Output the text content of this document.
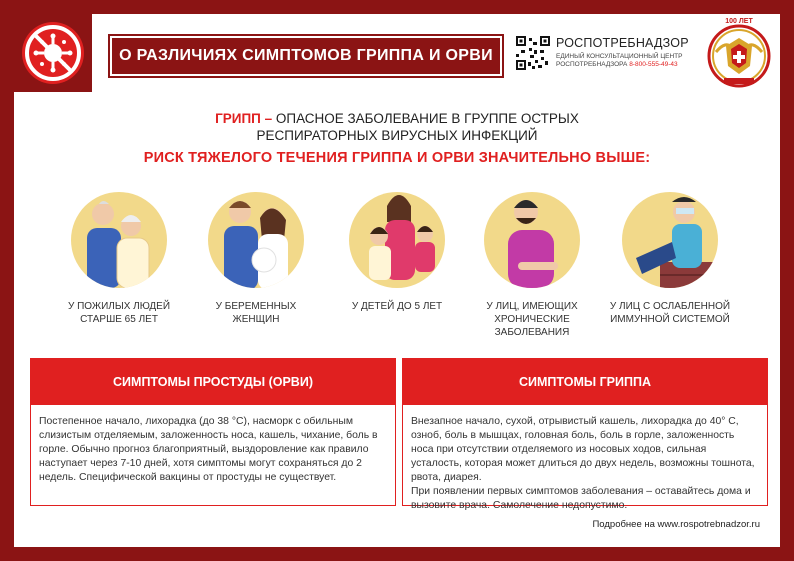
О РАЗЛИЧИЯХ СИМПТОМОВ ГРИППА И ОРВИ
РОСПОТРЕБНАДЗОР
ЕДИНЫЙ КОНСУЛЬТАЦИОННЫЙ ЦЕНТР
РОСПОТРЕБНАДЗОРА 8-800-555-49-43
100 ЛЕТ
ГРИПП – ОПАСНОЕ ЗАБОЛЕВАНИЕ В ГРУППЕ ОСТРЫХ
РЕСПИРАТОРНЫХ ВИРУСНЫХ ИНФЕКЦИЙ
РИСК ТЯЖЕЛОГО ТЕЧЕНИЯ ГРИППА И ОРВИ ЗНАЧИТЕЛЬНО ВЫШЕ:
У ПОЖИЛЫХ ЛЮДЕЙ
СТАРШЕ 65 ЛЕТ
У БЕРЕМЕННЫХ
ЖЕНЩИН
У ДЕТЕЙ ДО 5 ЛЕТ	У ЛИЦ, ИМЕЮЩИХ
ХРОНИЧЕСКИЕ ЗАБОЛЕВАНИЯ
У ЛИЦ С ОСЛАБЛЕННОЙ
ИММУННОЙ СИСТЕМОЙ
СИМПТОМЫ ПРОСТУДЫ (ОРВИ)
Постепенное начало, лихорадка (до 38 °С), насморк с обильным слизистым отделяемым, заложенность носа, кашель, чихание, боль в горле. Обычно прогноз благоприятный, выздоровление как правило наступает через 7-10 дней, хотя симптомы могут сохраняться до 2 недель. Специфической вакцины от простуды не существует.
СИМПТОМЫ ГРИППА
Внезапное начало, сухой, отрывистый кашель, лихорадка до 40° С, озноб, боль в мышцах, головная боль, боль в горле, заложенность носа при отсутствии отделяемого из носовых ходов, сильная усталость, которая может длиться до двух недель, возможны тошнота, рвота, диарея.
При появлении первых симптомов заболевания – оставайтесь дома и вызовите врача. Самолечение недопустимо.
Подробнее на www.rospotrebnadzor.ru
